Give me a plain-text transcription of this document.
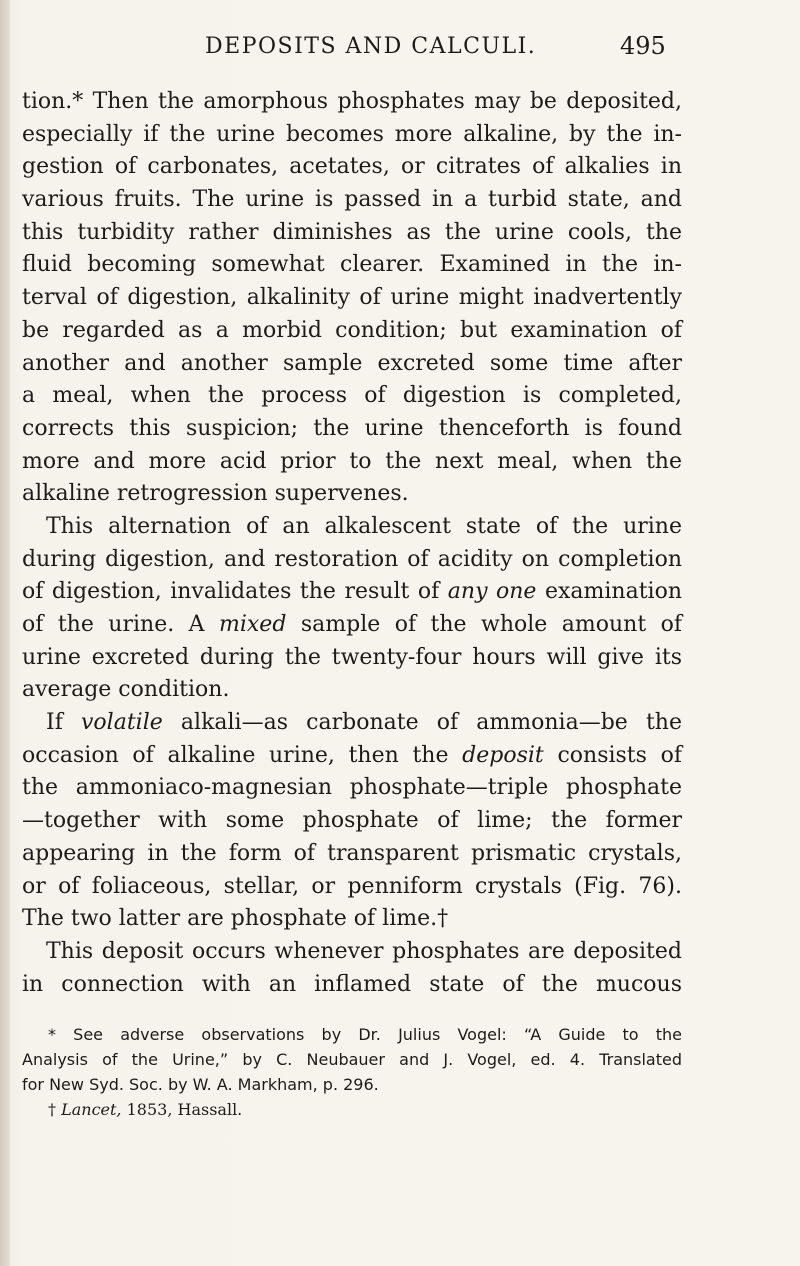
DEPOSITS AND CALCULI.	495
tion.* Then the amorphous phosphates may be deposited,
especially if the urine becomes more alkaline, by the in-
gestion of carbonates, acetates, or citrates of alkalies in
various fruits. The urine is passed in a turbid state, and
this turbidity rather diminishes as the urine cools, the
fluid becoming somewhat clearer. Examined in the in-
terval of digestion, alkalinity of urine might inadvertently
be regarded as a morbid condition; but examination of
another and another sample excreted some time after
a meal, when the process of digestion is completed,
corrects this suspicion; the urine thenceforth is found
more and more acid prior to the next meal, when the
alkaline retrogression supervenes.
This alternation of an alkalescent state of the urine
during digestion, and restoration of acidity on completion
of digestion, invalidates the result of any one examination
of the urine. A mixed sample of the whole amount of
urine excreted during the twenty-four hours will give its
average condition.
If volatile alkali—as carbonate of ammonia—be the
occasion of alkaline urine, then the deposit consists of
the ammoniaco-magnesian phosphate—triple phosphate
—together with some phosphate of lime; the former
appearing in the form of transparent prismatic crystals,
or of foliaceous, stellar, or penniform crystals (Fig. 76).
The two latter are phosphate of lime.†
This deposit occurs whenever phosphates are deposited
in connection with an inflamed state of the mucous
* See adverse observations by Dr. Julius Vogel: “A Guide to the
Analysis of the Urine,” by C. Neubauer and J. Vogel, ed. 4. Translated
for New Syd. Soc. by W. A. Markham, p. 296.
† Lancet, 1853, Hassall.
